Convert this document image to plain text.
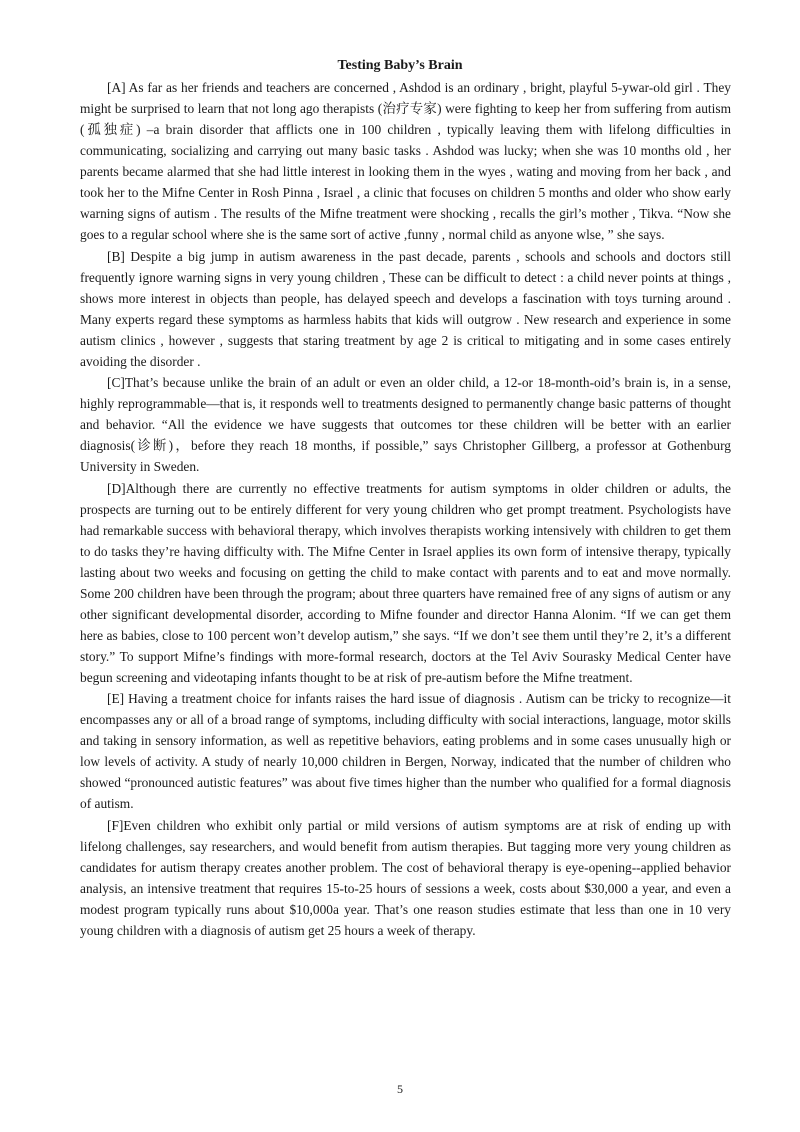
Testing Baby’s Brain

[A] As far as her friends and teachers are concerned , Ashdod is an ordinary , bright, playful 5-ywar-old girl . They might be surprised to learn that not long ago therapists (治疗专家) were fighting to keep her from suffering from autism (孤独症) –a brain disorder that afflicts one in 100 children , typically leaving them with lifelong difficulties in communicating, socializing and carrying out many basic tasks . Ashdod was lucky; when she was 10 months old , her parents became alarmed that she had little interest in looking them in the wyes , wating and moving from her back , and took her to the Mifne Center in Rosh Pinna , Israel , a clinic that focuses on children 5 months and older who show early warning signs of autism . The results of the Mifne treatment were shocking , recalls the girl’s mother , Tikva. “Now she goes to a regular school where she is the same sort of active ,funny , normal child as anyone wlse, ” she says.

[B] Despite a big jump in autism awareness in the past decade, parents , schools and schools and doctors still frequently ignore warning signs in very young children , These can be difficult to detect : a child never points at things , shows more interest in objects than people, has delayed speech and develops a fascination with toys turning around . Many experts regard these symptoms as harmless habits that kids will outgrow . New research and experience in some autism clinics , however , suggests that staring treatment by age 2 is critical to mitigating and in some cases entirely avoiding the disorder .

[C]That’s because unlike the brain of an adult or even an older child, a 12-or 18-month-oid’s brain is, in a sense, highly reprogrammable—that is, it responds well to treatments designed to permanently change basic patterns of thought and behavior. “All the evidence we have suggests that outcomes tor these children will be better with an earlier diagnosis(诊断)，before they reach 18 months, if possible,” says Christopher Gillberg, a professor at Gothenburg University in Sweden.

[D]Although there are currently no effective treatments for autism symptoms in older children or adults, the prospects are turning out to be entirely different for very young children who get prompt treatment. Psychologists have had remarkable success with behavioral therapy, which involves therapists working intensively with children to get them to do tasks they’re having difficulty with. The Mifne Center in Israel applies its own form of intensive therapy, typically lasting about two weeks and focusing on getting the child to make contact with parents and to eat and move normally. Some 200 children have been through the program; about three quarters have remained free of any signs of autism or any other significant developmental disorder, according to Mifne founder and director Hanna Alonim. “If we can get them here as babies, close to 100 percent won’t develop autism,” she says. “If we don’t see them until they’re 2, it’s a different story.” To support Mifne’s findings with more-formal research, doctors at the Tel Aviv Sourasky Medical Center have begun screening and videotaping infants thought to be at risk of pre-autism before the Mifne treatment.

[E] Having a treatment choice for infants raises the hard issue of diagnosis . Autism can be tricky to recognize—it encompasses any or all of a broad range of symptoms, including difficulty with social interactions, language, motor skills and taking in sensory information, as well as repetitive behaviors, eating problems and in some cases unusually high or low levels of activity. A study of nearly 10,000 children in Bergen, Norway, indicated that the number of children who showed “pronounced autistic features” was about five times higher than the number who qualified for a formal diagnosis of autism.

[F]Even children who exhibit only partial or mild versions of autism symptoms are at risk of ending up with lifelong challenges, say researchers, and would benefit from autism therapies. But tagging more very young children as candidates for autism therapy creates another problem. The cost of behavioral therapy is eye-opening--applied behavior analysis, an intensive treatment that requires 15-to-25 hours of sessions a week, costs about $30,000 a year, and even a modest program typically runs about $10,000a year. That’s one reason studies estimate that less than one in 10 very young children with a diagnosis of autism get 25 hours a week of therapy.

5
